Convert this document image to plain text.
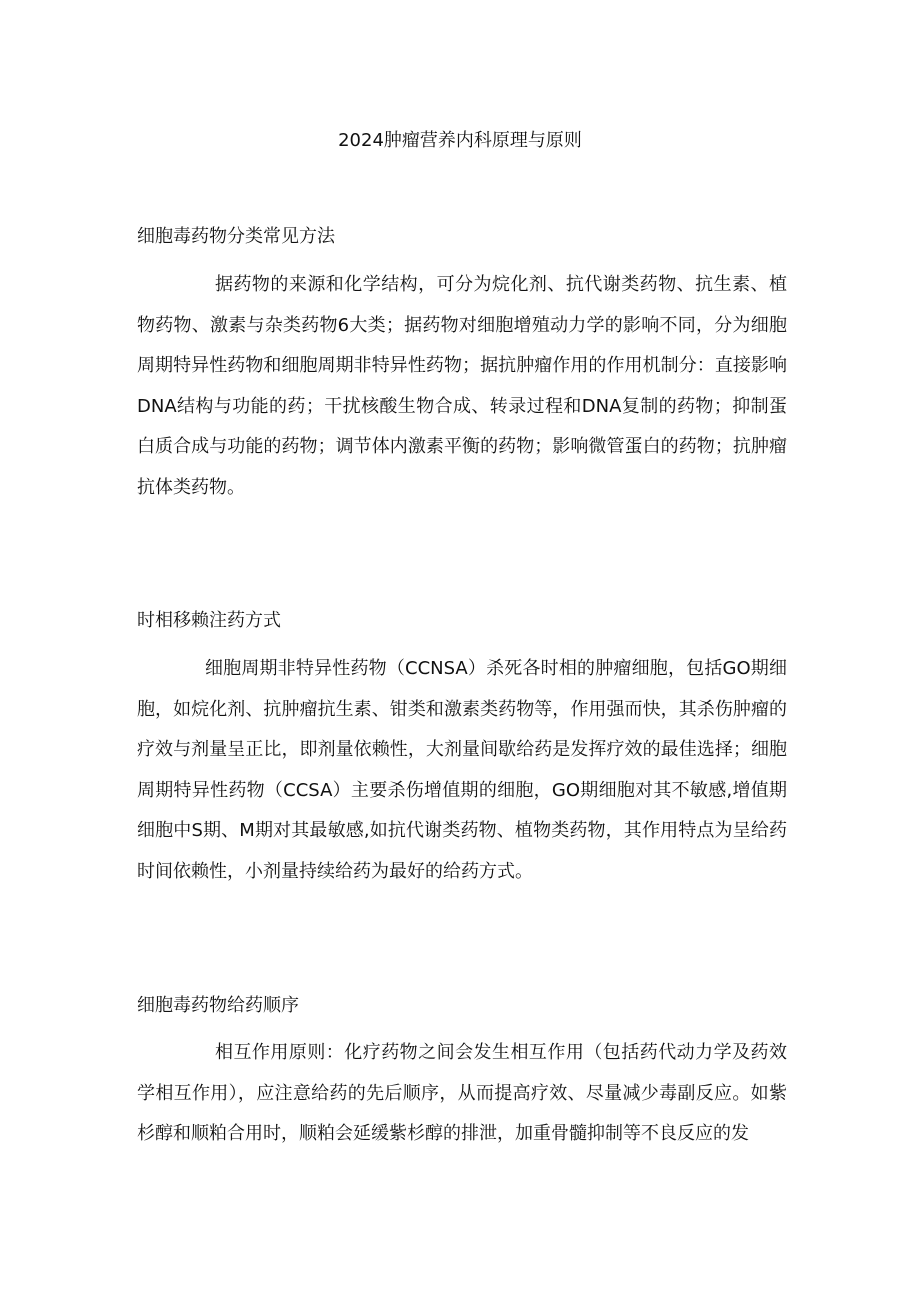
2024肿瘤营养内科原理与原则
细胞毒药物分类常见方法

据药物的来源和化学结构，可分为烷化剂、抗代谢类药物、抗生素、植物药物、激素与杂类药物6大类；据药物对细胞增殖动力学的影响不同，分为细胞周期特异性药物和细胞周期非特异性药物；据抗肿瘤作用的作用机制分：直接影响DNA结构与功能的药；干扰核酸生物合成、转录过程和DNA复制的药物；抑制蛋白质合成与功能的药物；调节体内激素平衡的药物；影响微管蛋白的药物；抗肿瘤抗体类药物。

时相移赖注药方式

细胞周期非特异性药物（CCNSA）杀死各时相的肿瘤细胞，包括GO期细胞，如烷化剂、抗肿瘤抗生素、钳类和激素类药物等，作用强而快，其杀伤肿瘤的疗效与剂量呈正比，即剂量依赖性，大剂量间歇给药是发挥疗效的最佳选择；细胞周期特异性药物（CCSA）主要杀伤增值期的细胞，GO期细胞对其不敏感,增值期细胞中S期、M期对其最敏感,如抗代谢类药物、植物类药物，其作用特点为呈给药时间依赖性，小剂量持续给药为最好的给药方式。

细胞毒药物给药顺序

相互作用原则：化疗药物之间会发生相互作用（包括药代动力学及药效学相互作用），应注意给药的先后顺序，从而提高疗效、尽量减少毒副反应。如紫杉醇和顺粕合用时，顺粕会延缓紫杉醇的排泄，加重骨髓抑制等不良反应的发
